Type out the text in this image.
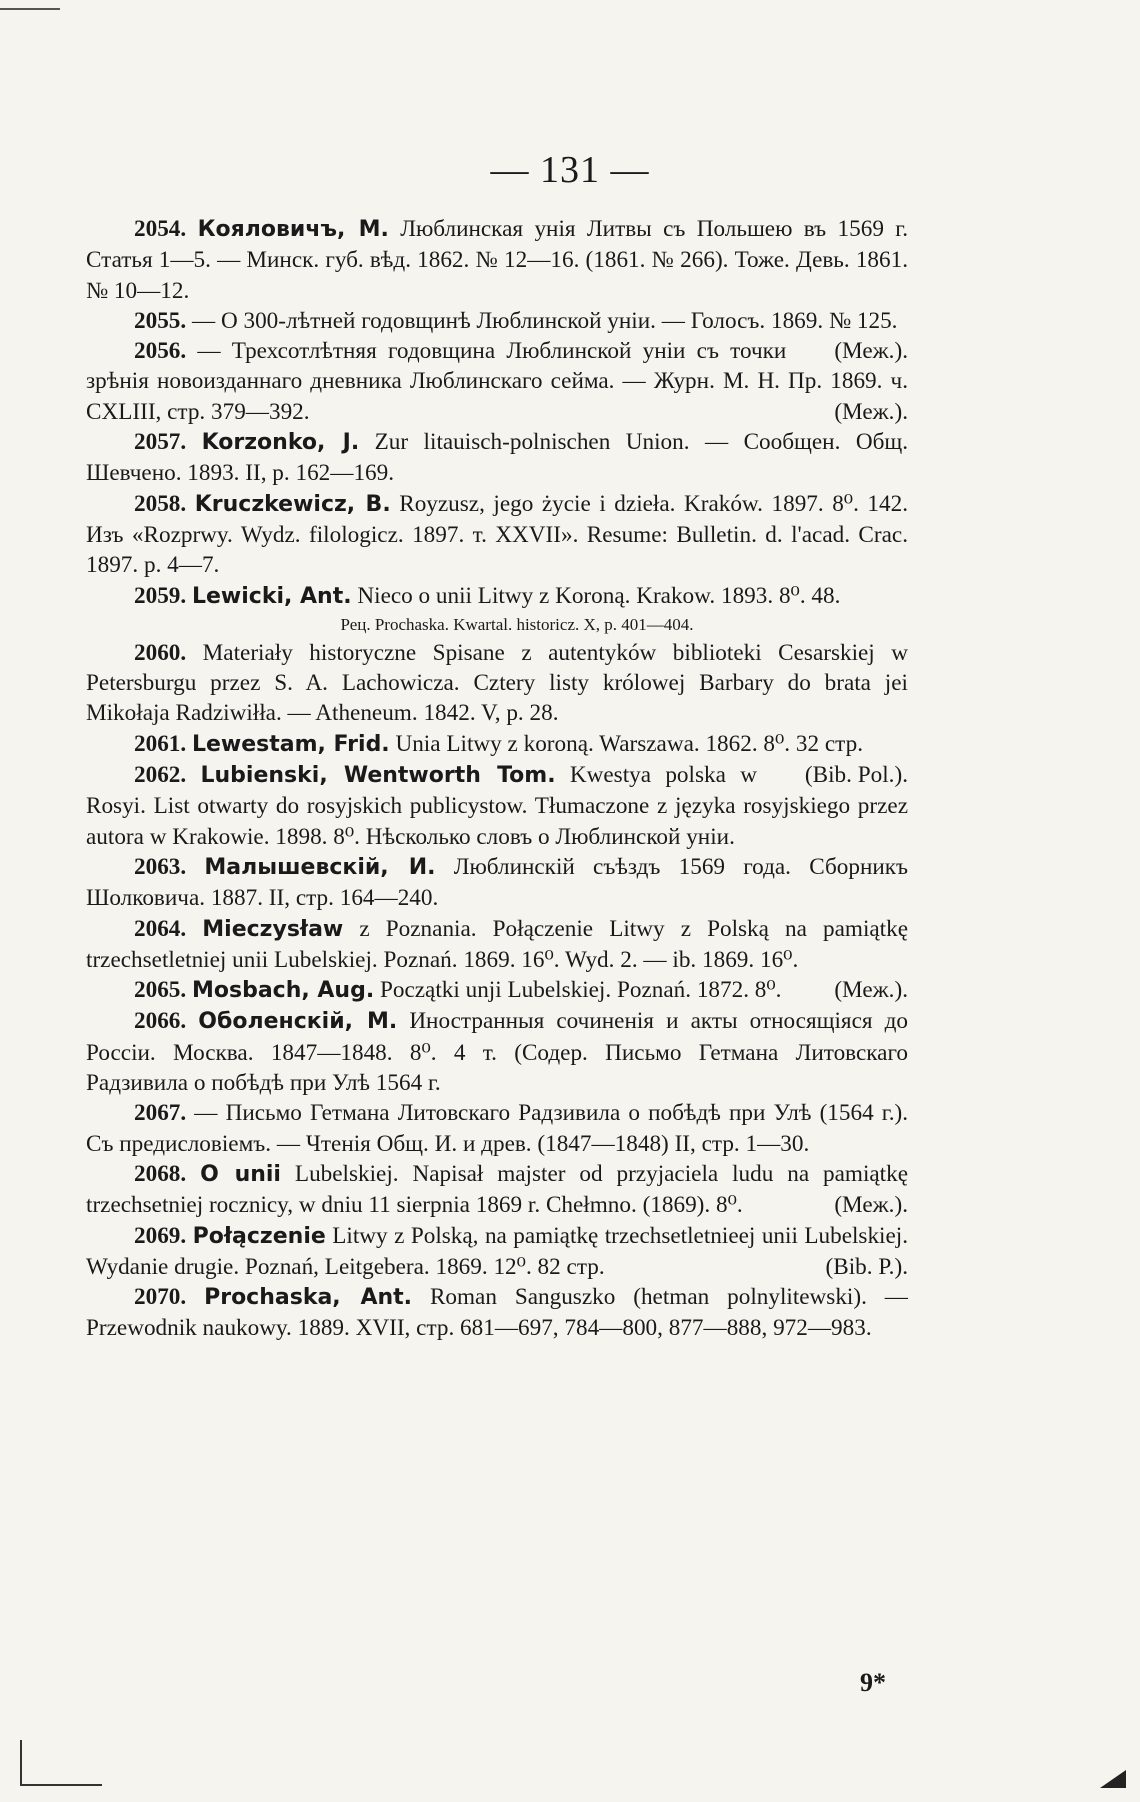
— 131 —

2054. Кояловичъ, М. Люблинская унія Литвы съ Польшею въ 1569 г. Статья 1—5. — Минск. губ. вѣд. 1862. № 12—16. (1861. № 266). Тоже. Девь. 1861. № 10—12.

2055. — О 300-лѣтней годовщинѣ Люблинской уніи. — Голосъ. 1869. № 125.
(Меж.).

2056. — Трехсотлѣтняя годовщина Люблинской уніи съ точки зрѣнія новоизданнаго дневника Люблинскаго сейма. — Журн. М. Н. Пр. 1869. ч. CXLIII, стр. 379—392.	(Меж.).

2057. Korzonko, J. Zur litauisch-polnischen Union. — Сообщен. Общ. Шевчено. 1893. II, p. 162—169.

2058. Kruczkewicz, B. Royzusz, jego życie i dzieła. Kraków. 1897. 8⁰. 142. Изъ «Rozprwy. Wydz. filologicz. 1897. т. XXVII». Resume: Bulletin. d. l'acad. Crac. 1897. p. 4—7.

2059. Lewicki, Ant. Nieco o unii Litwy z Koroną. Krakow. 1893. 8⁰. 48.

Рец. Prochaska. Kwartal. historicz. X, p. 401—404.

2060. Materiały historyczne Spisane z autentyków biblioteki Cesarskiej w Petersburgu przez S. A. Lachowicza. Cztery listy królowej Barbary do brata jei Mikołaja Radziwiłła. — Atheneum. 1842. V, p. 28.

2061. Lewestam, Frid. Unia Litwy z koroną. Warszawa. 1862. 8⁰. 32 стр.
(Bib. Pol.).

2062. Lubienski, Wentworth Tom. Kwestya polska w Rosyi. List otwarty do rosyjskich publicystow. Tłumaczone z języka rosyjskiego przez autora w Krakowie. 1898. 8⁰. Нѣсколько словъ о Люблинской уніи.

2063. Малышевскій, И. Люблинскій съѣздъ 1569 года. Сборникъ Шолковича. 1887. II, стр. 164—240.

2064. Mieczysław z Poznania. Połączenie Litwy z Polską na pamiątkę trzechsetletniej unii Lubelskiej. Poznań. 1869. 16⁰. Wyd. 2. — ib. 1869. 16⁰.
(Меж.).

2065. Mosbach, Aug. Początki unji Lubelskiej. Poznań. 1872. 8⁰.

2066. Оболенскій, М. Иностранныя сочиненія и акты относящіяся до Россіи. Москва. 1847—1848. 8⁰. 4 т. (Содер. Письмо Гетмана Литовскаго Радзивила о побѣдѣ при Улѣ 1564 г.

2067. — Письмо Гетмана Литовскаго Радзивила о побѣдѣ при Улѣ (1564 г.). Съ предисловіемъ. — Чтенія Общ. И. и древ. (1847—1848) II, стр. 1—30.

2068. O unii Lubelskiej. Napisał majster od przyjaciela ludu na pamiątkę trzechsetniej rocznicy, w dniu 11 sierpnia 1869 r. Chełmno. (1869). 8⁰.	(Меж.).

2069. Połączenie Litwy z Polską, na pamiątkę trzechsetletnieej unii Lubelskiej. Wydanie drugie. Poznań, Leitgebera. 1869. 12⁰. 82 стр.	(Bib. P.).

2070. Prochaska, Ant. Roman Sanguszko (hetman polnylitewski). — Przewodnik naukowy. 1889. XVII, стр. 681—697, 784—800, 877—888, 972—983.

9*
